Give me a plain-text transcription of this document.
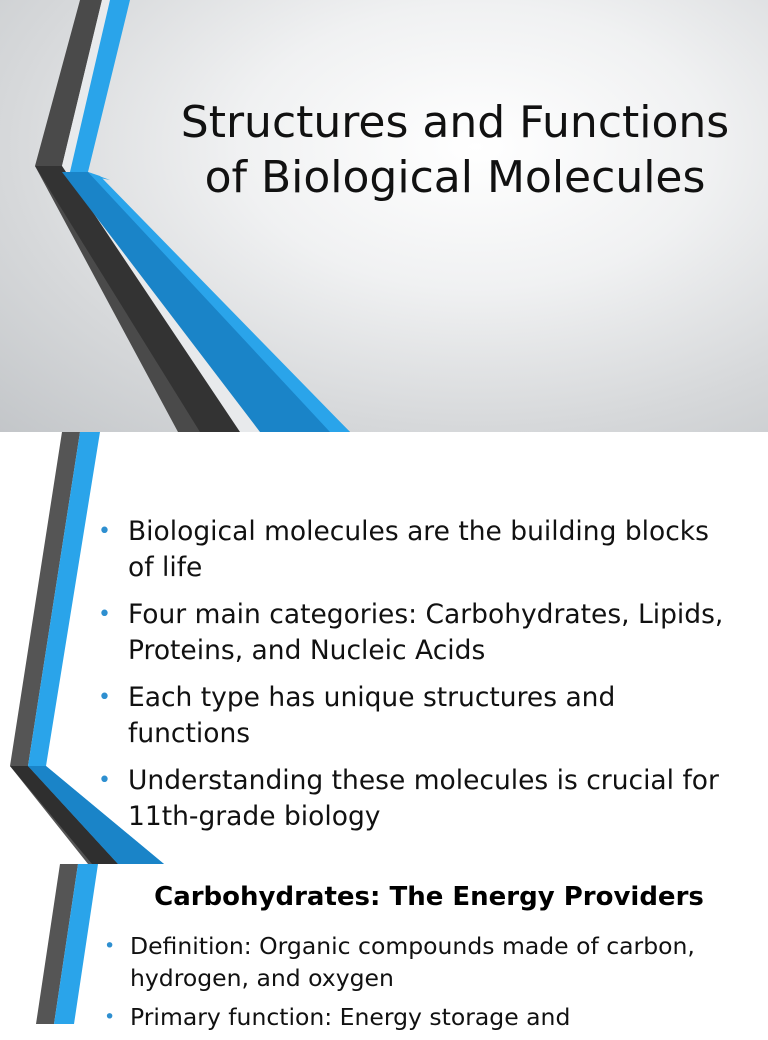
Structures and Functions of Biological Molecules
• Biological molecules are the building blocks of life
• Four main categories: Carbohydrates, Lipids, Proteins, and Nucleic Acids
• Each type has unique structures and functions
• Understanding these molecules is crucial for 11th-grade biology
Carbohydrates: The Energy Providers
• Definition: Organic compounds made of carbon, hydrogen, and oxygen
• Primary function: Energy storage and
